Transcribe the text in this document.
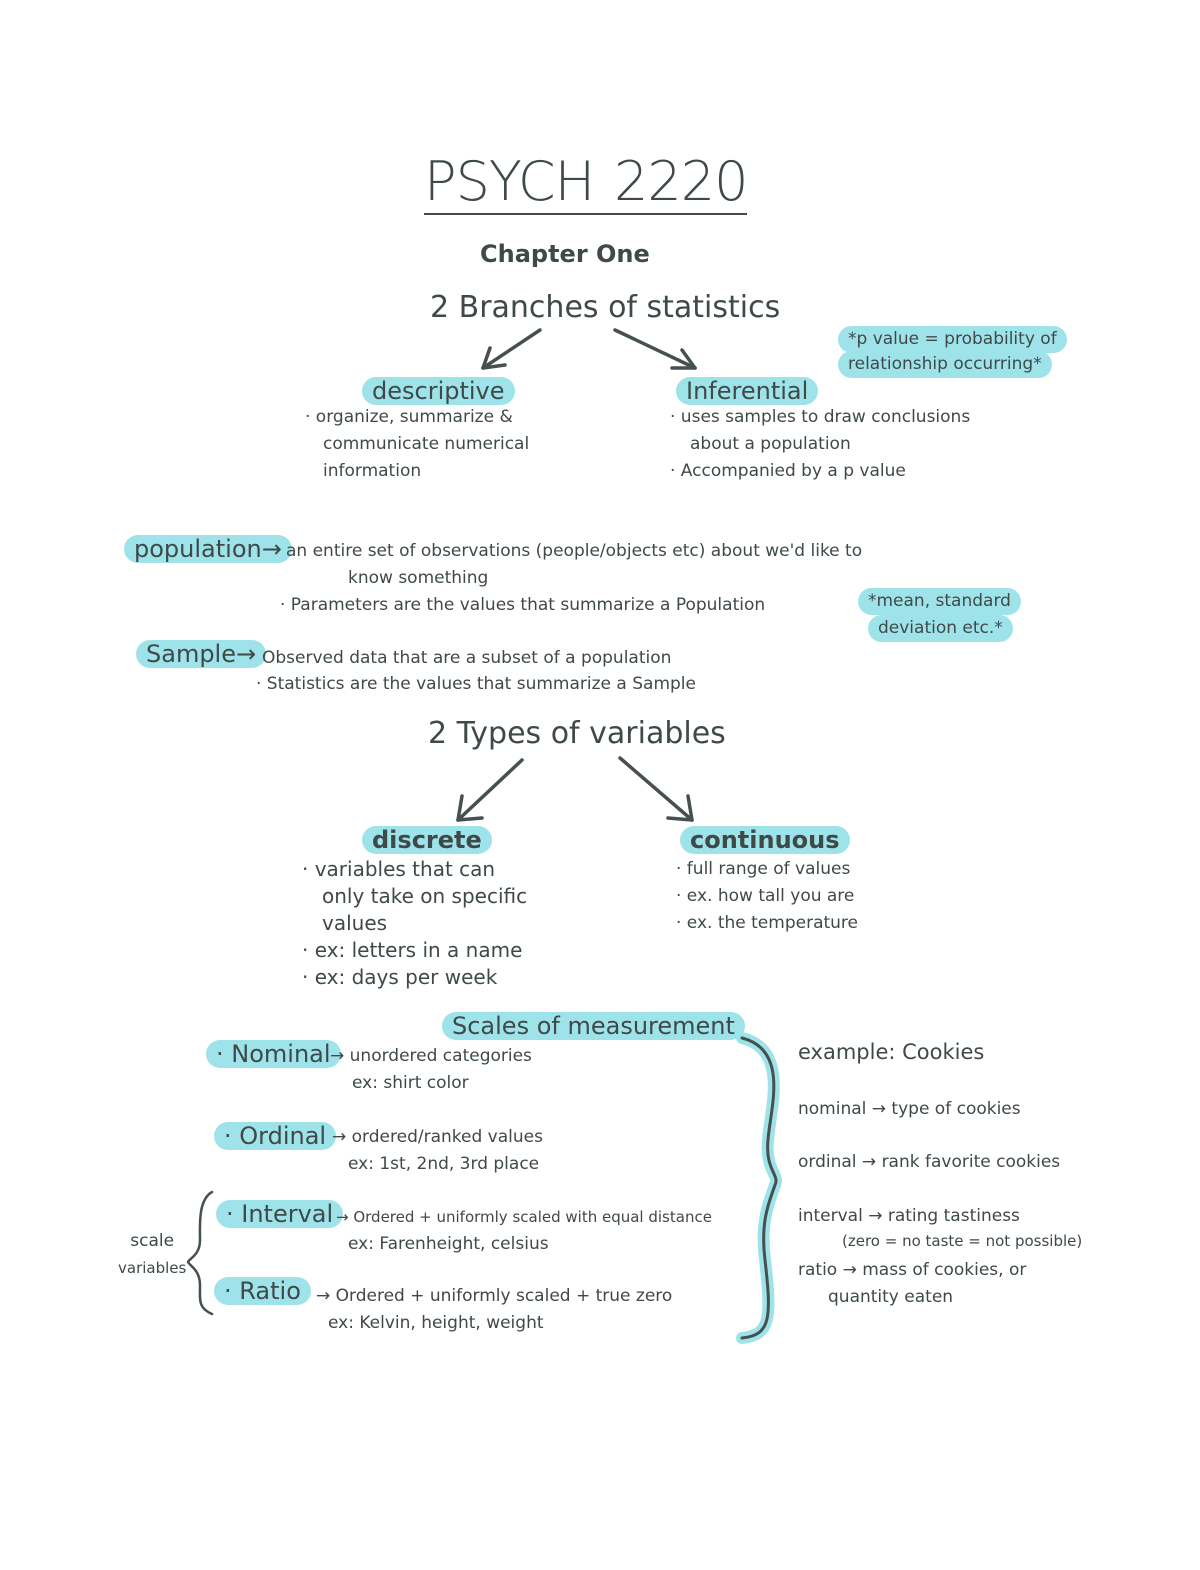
PSYCH 2220
Chapter One
2 Branches of statistics
*p value = probability of
relationship occurring*
descriptive
· organize, summarize &
communicate numerical
information
Inferential
· uses samples to draw conclusions
about a population
· Accompanied by a p value
population→ an entire set of observations (people/objects etc) about we'd like to
know something
· Parameters are the values that summarize a Population	*mean, standard
deviation etc.*
Sample→ Observed data that are a subset of a population
· Statistics are the values that summarize a Sample
2 Types of variables
discrete
· variables that can
only take on specific
values
· ex: letters in a name
· ex: days per week
continuous
· full range of values
· ex. how tall you are
· ex. the temperature
Scales of measurement
· Nominal → unordered categories
ex: shirt color
· Ordinal → ordered/ranked values
ex: 1st, 2nd, 3rd place
· Interval → Ordered + uniformly scaled with equal distance
ex: Farenheight, celsius
· Ratio → Ordered + uniformly scaled + true zero
ex: Kelvin, height, weight
scale
variables
example: Cookies
nominal → type of cookies
ordinal → rank favorite cookies
interval → rating tastiness
(zero = no taste = not possible)
ratio → mass of cookies, or
quantity eaten
